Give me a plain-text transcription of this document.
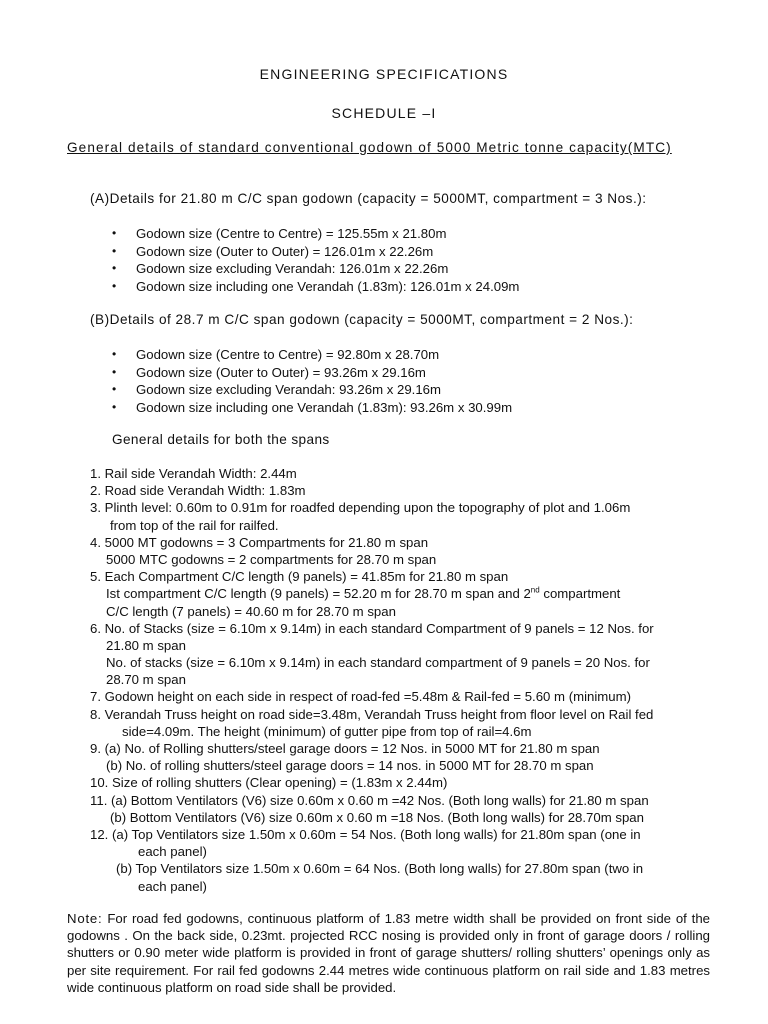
ENGINEERING SPECIFICATIONS
SCHEDULE –I
General details of standard conventional godown of 5000 Metric tonne capacity(MTC)
(A)Details for 21.80 m C/C span godown (capacity = 5000MT, compartment = 3 Nos.):
• Godown size (Centre to Centre) = 125.55m x 21.80m
• Godown size (Outer to Outer) = 126.01m x 22.26m
• Godown size excluding Verandah: 126.01m x 22.26m
• Godown size including one Verandah (1.83m): 126.01m x 24.09m
(B)Details of 28.7 m C/C span godown (capacity = 5000MT, compartment = 2 Nos.):
• Godown size (Centre to Centre) = 92.80m x 28.70m
• Godown size (Outer to Outer) = 93.26m x 29.16m
• Godown size excluding Verandah: 93.26m x 29.16m
• Godown size including one Verandah (1.83m): 93.26m x 30.99m
General details for both the spans
1. Rail side Verandah Width: 2.44m
2. Road side Verandah Width: 1.83m
3. Plinth level: 0.60m to 0.91m for roadfed depending upon the topography of plot and 1.06m
from top of the rail for railfed.
4. 5000 MT godowns = 3 Compartments for 21.80 m span
5000 MTC godowns = 2 compartments for 28.70 m span
5. Each Compartment C/C length (9 panels) = 41.85m for 21.80 m span
Ist compartment C/C length (9 panels) = 52.20 m for 28.70 m span and 2nd compartment
C/C length (7 panels) = 40.60 m for 28.70 m span
6. No. of Stacks (size = 6.10m x 9.14m) in each standard Compartment of 9 panels = 12 Nos. for
21.80 m span
No. of stacks (size = 6.10m x 9.14m) in each standard compartment of 9 panels = 20 Nos. for
28.70 m span
7. Godown height on each side in respect of road-fed =5.48m & Rail-fed = 5.60 m (minimum)
8. Verandah Truss height on road side=3.48m, Verandah Truss height from floor level on Rail fed
side=4.09m. The height (minimum) of gutter pipe from top of rail=4.6m
9. (a) No. of Rolling shutters/steel garage doors = 12 Nos. in 5000 MT for 21.80 m span
(b) No. of rolling shutters/steel garage doors = 14 nos. in 5000 MT for 28.70 m span
10. Size of rolling shutters (Clear opening) = (1.83m x 2.44m)
11. (a) Bottom Ventilators (V6) size 0.60m x 0.60 m =42 Nos. (Both long walls) for 21.80 m span
(b) Bottom Ventilators (V6) size 0.60m x 0.60 m =18 Nos. (Both long walls) for 28.70m span
12. (a) Top Ventilators size 1.50m x 0.60m = 54 Nos. (Both long walls) for 21.80m span (one in
each panel)
(b) Top Ventilators size 1.50m x 0.60m = 64 Nos. (Both long walls) for 27.80m span (two in
each panel)
Note: For road fed godowns, continuous platform of 1.83 metre width shall be provided on front side of the godowns . On the back side, 0.23mt. projected RCC nosing is provided only in front of garage doors / rolling shutters or 0.90 meter wide platform is provided in front of garage shutters/ rolling shutters’ openings only as per site requirement. For rail fed godowns 2.44 metres wide continuous platform on rail side and 1.83 metres wide continuous platform on road side shall be provided.
